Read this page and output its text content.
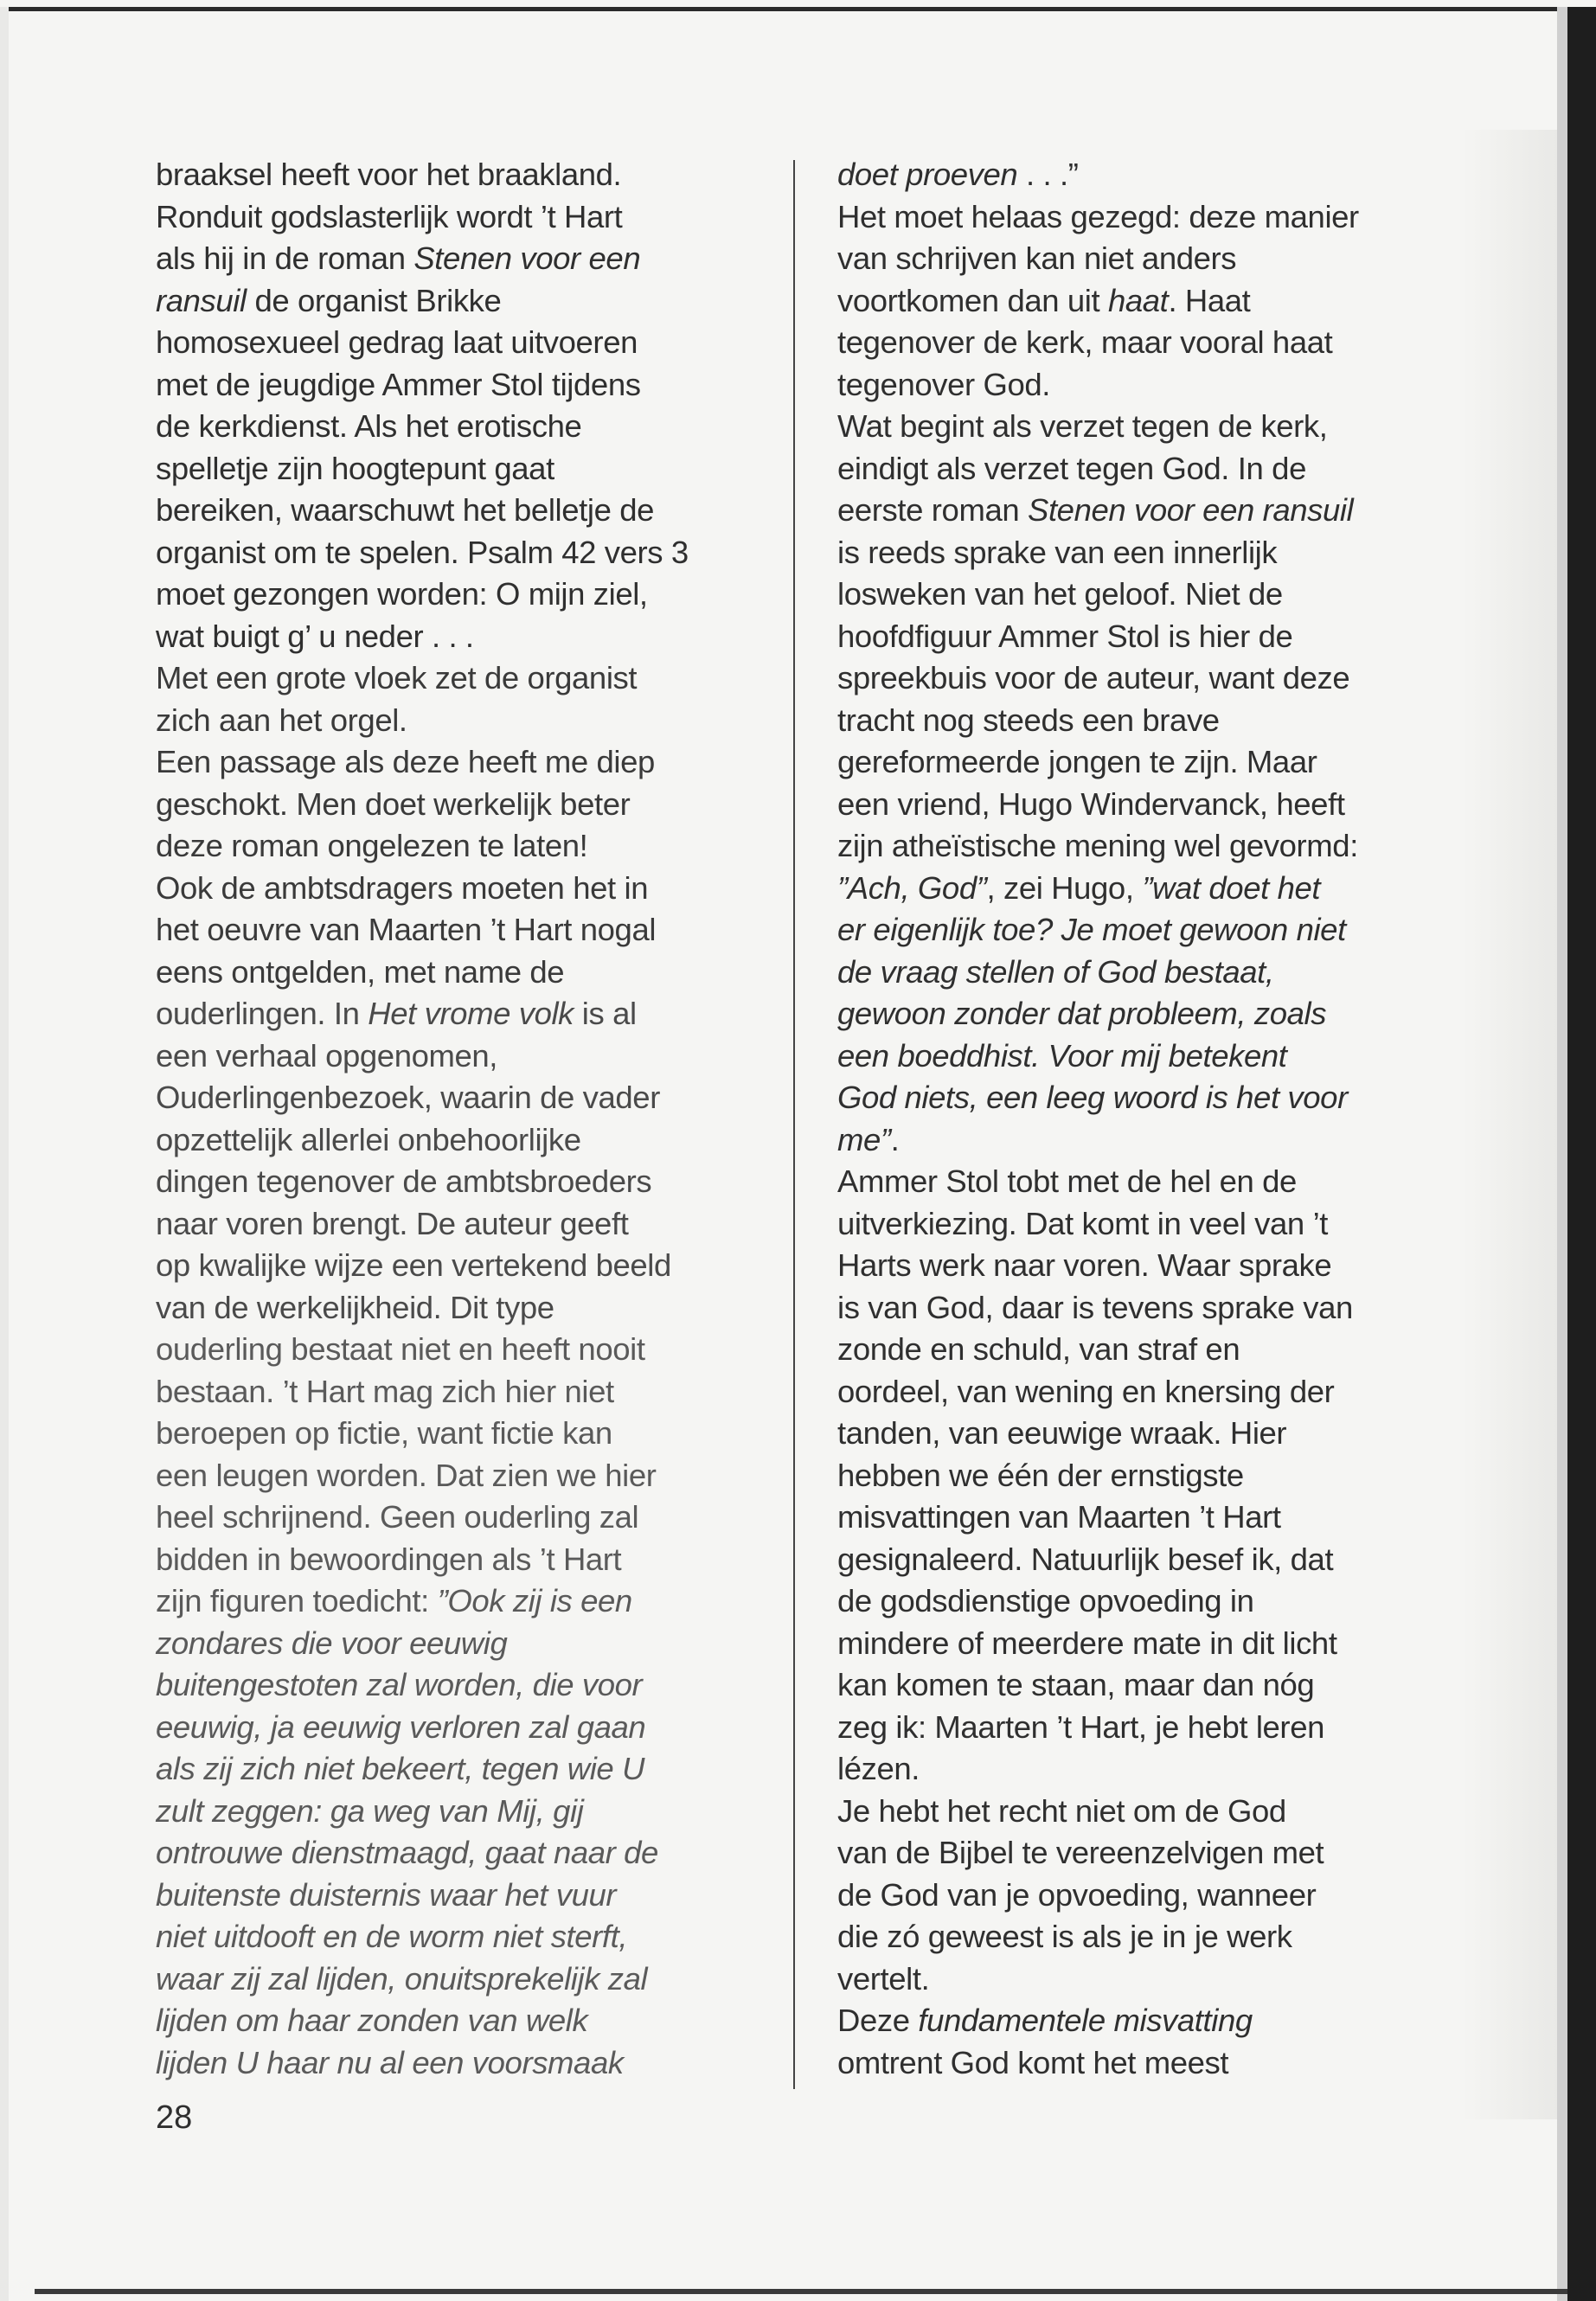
braaksel heeft voor het braakland.
Ronduit godslasterlijk wordt ’t Hart
als hij in de roman Stenen voor een
ransuil de organist Brikke
homosexueel gedrag laat uitvoeren
met de jeugdige Ammer Stol tijdens
de kerkdienst. Als het erotische
spelletje zijn hoogtepunt gaat
bereiken, waarschuwt het belletje de
organist om te spelen. Psalm 42 vers 3
moet gezongen worden: O mijn ziel,
wat buigt g’ u neder . . .
Met een grote vloek zet de organist
zich aan het orgel.
Een passage als deze heeft me diep
geschokt. Men doet werkelijk beter
deze roman ongelezen te laten!
Ook de ambtsdragers moeten het in
het oeuvre van Maarten ’t Hart nogal
eens ontgelden, met name de
ouderlingen. In Het vrome volk is al
een verhaal opgenomen,
Ouderlingenbezoek, waarin de vader
opzettelijk allerlei onbehoorlijke
dingen tegenover de ambtsbroeders
naar voren brengt. De auteur geeft
op kwalijke wijze een vertekend beeld
van de werkelijkheid. Dit type
ouderling bestaat niet en heeft nooit
bestaan. ’t Hart mag zich hier niet
beroepen op fictie, want fictie kan
een leugen worden. Dat zien we hier
heel schrijnend. Geen ouderling zal
bidden in bewoordingen als ’t Hart
zijn figuren toedicht: ”Ook zij is een
zondares die voor eeuwig
buitengestoten zal worden, die voor
eeuwig, ja eeuwig verloren zal gaan
als zij zich niet bekeert, tegen wie U
zult zeggen: ga weg van Mij, gij
ontrouwe dienstmaagd, gaat naar de
buitenste duisternis waar het vuur
niet uitdooft en de worm niet sterft,
waar zij zal lijden, onuitsprekelijk zal
lijden om haar zonden van welk
lijden U haar nu al een voorsmaak
doet proeven . . .”
Het moet helaas gezegd: deze manier
van schrijven kan niet anders
voortkomen dan uit haat. Haat
tegenover de kerk, maar vooral haat
tegenover God.
Wat begint als verzet tegen de kerk,
eindigt als verzet tegen God. In de
eerste roman Stenen voor een ransuil
is reeds sprake van een innerlijk
losweken van het geloof. Niet de
hoofdfiguur Ammer Stol is hier de
spreekbuis voor de auteur, want deze
tracht nog steeds een brave
gereformeerde jongen te zijn. Maar
een vriend, Hugo Windervanck, heeft
zijn atheïstische mening wel gevormd:
”Ach, God”, zei Hugo, ”wat doet het
er eigenlijk toe? Je moet gewoon niet
de vraag stellen of God bestaat,
gewoon zonder dat probleem, zoals
een boeddhist. Voor mij betekent
God niets, een leeg woord is het voor
me”.
Ammer Stol tobt met de hel en de
uitverkiezing. Dat komt in veel van ’t
Harts werk naar voren. Waar sprake
is van God, daar is tevens sprake van
zonde en schuld, van straf en
oordeel, van wening en knersing der
tanden, van eeuwige wraak. Hier
hebben we één der ernstigste
misvattingen van Maarten ’t Hart
gesignaleerd. Natuurlijk besef ik, dat
de godsdienstige opvoeding in
mindere of meerdere mate in dit licht
kan komen te staan, maar dan nóg
zeg ik: Maarten ’t Hart, je hebt leren
lézen.
Je hebt het recht niet om de God
van de Bijbel te vereenzelvigen met
de God van je opvoeding, wanneer
die zó geweest is als je in je werk
vertelt.
Deze fundamentele misvatting
omtrent God komt het meest
28
